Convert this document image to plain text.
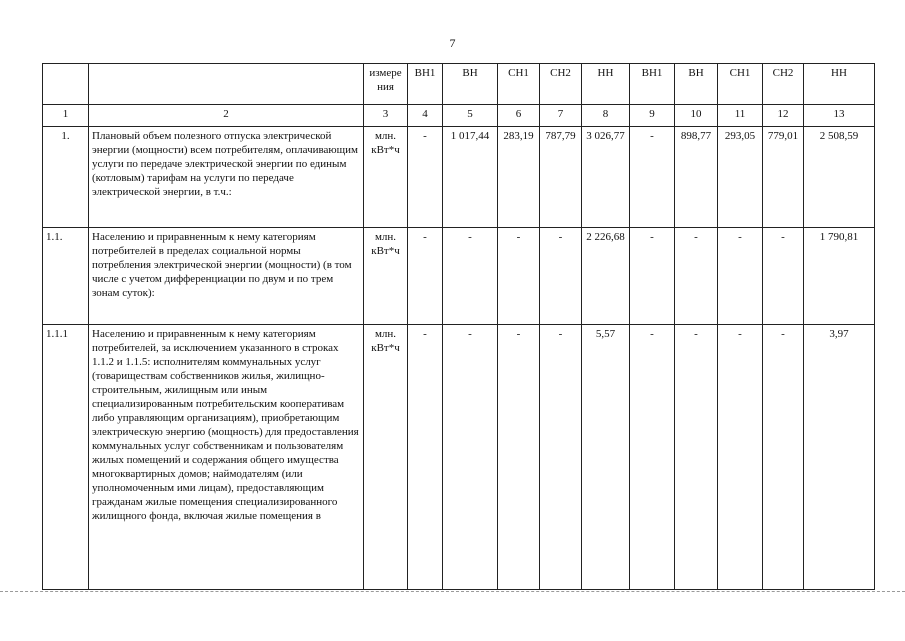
7
		измере ния	ВН1	ВН	СН1	СН2	НН	ВН1	ВН	СН1	СН2	НН
1	2	3	4	5	6	7	8	9	10	11	12	13
1.	Плановый объем полезного отпуска электрической энергии (мощности) всем потребителям, оплачивающим услуги по передаче электрической энергии по единым (котловым) тарифам на услуги по передаче электрической энергии, в т.ч.:	млн. кВт*ч	-	1 017,44	283,19	787,79	3 026,77	-	898,77	293,05	779,01	2 508,59
1.1.	Населению и приравненным к нему категориям потребителей в пределах социальной нормы потребления электрической энергии (мощности) (в том числе с учетом дифференциации по двум и по трем зонам суток):	млн. кВт*ч	-	-	-	-	2 226,68	-	-	-	-	1 790,81
1.1.1	Населению и приравненным к нему категориям потребителей, за исключением указанного в строках 1.1.2 и 1.1.5: исполнителям коммунальных услуг (товариществам собственников жилья, жилищно-строительным, жилищным или иным специализированным потребительским кооперативам либо управляющим организациям), приобретающим электрическую энергию (мощность) для предоставления коммунальных услуг собственникам и пользователям жилых помещений и содержания общего имущества многоквартирных домов; наймодателям (или уполномоченным ими лицам), предоставляющим гражданам жилые помещения специализированного жилищного фонда, включая жилые помещения в	млн. кВт*ч	-	-	-	-	5,57	-	-	-	-	3,97
